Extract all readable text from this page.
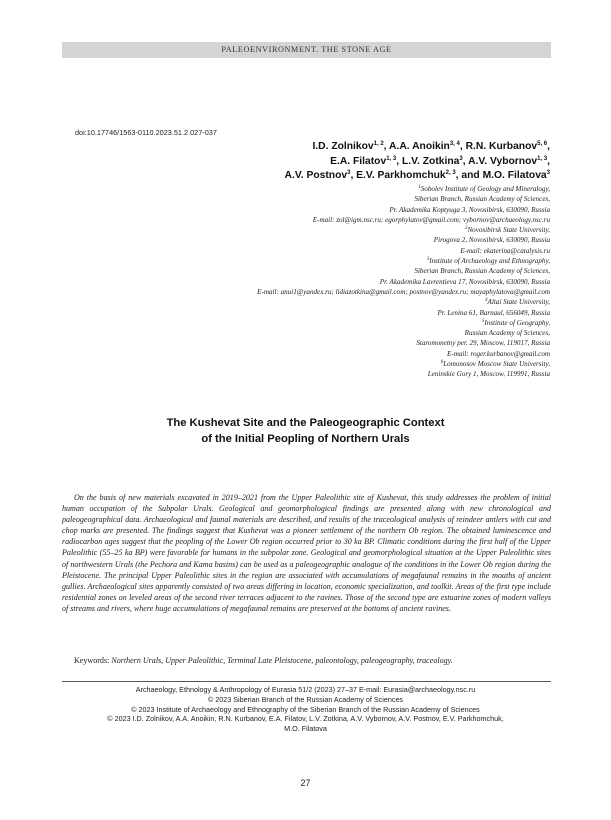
PALEOENVIRONMENT. THE STONE AGE
doi:10.17746/1563-0110.2023.51.2.027-037
I.D. Zolnikov$^{1, 2}$, A.A. Anoikin$^{3, 4}$, R.N. Kurbanov$^{5, 6}$,
E.A. Filatov$^{1, 3}$, L.V. Zotkina$^3$, A.V. Vybornov$^{1, 3}$,
A.V. Postnov$^3$, E.V. Parkhomchuk$^{2, 3}$, and M.O. Filatova$^3$
$^1$Sobolev Institute of Geology and Mineralogy,
Siberian Branch, Russian Academy of Sciences,
Pr. Akademika Koptyuga 3, Novosibirsk, 630090, Russia
E-mail: zol@igm.nsc.ru; egorphylatov@gmail.com; vybornov@archaeology.nsc.ru
$^2$Novosibirsk State University,
Pirogova 2, Novosibirsk, 630090, Russia
E-mail: ekaterina@catalysis.ru
$^3$Institute of Archaeology and Ethnography,
Siberian Branch, Russian Academy of Sciences,
Pr. Akademika Lavrentieva 17, Novosibirsk, 630090, Russia
E-mail: anui1@yandex.ru; lidiazotkina@gmail.com; postnov@yandex.ru; mayaphylatova@gmail.com
$^4$Altai State University,
Pr. Lenina 61, Barnaul, 656049, Russia
$^5$Institute of Geography,
Russian Academy of Sciences,
Staromonetny per. 29, Moscow, 119017, Russia
E-mail: roger.kurbanov@gmail.com
$^6$Lomonosov Moscow State University,
Leninskie Gory 1, Moscow, 119991, Russia
The Kushevat Site and the Paleogeographic Context
of the Initial Peopling of Northern Urals

On the basis of new materials excavated in 2019–2021 from the Upper Paleolithic site of Kushevat, this study addresses the problem of initial human occupation of the Subpolar Urals. Geological and geomorphological findings are presented along with new chronological and paleogeographical data. Archaeological and faunal materials are described, and results of the traceological analysis of reindeer antlers with cut and chop marks are presented. The findings suggest that Kushevat was a pioneer settlement of the northern Ob region. The obtained luminescence and radiocarbon ages suggest that the peopling of the Lower Ob region occurred prior to 30 ka BP. Climatic conditions during the first half of the Upper Paleolithic (55–25 ka BP) were favorable for humans in the subpolar zone. Geological and geomorphological situation at the Upper Paleolithic sites of northwestern Urals (the Pechora and Kama basins) can be used as a paleogeographic analogue of the conditions in the Lower Ob region during the Pleistocene. The principal Upper Paleolithic sites in the region are associated with accumulations of megafaunal remains in the mouths of ancient gullies. Archaeological sites apparently consisted of two areas differing in location, economic specialization, and toolkit. Areas of the first type include residential zones on leveled areas of the second river terraces adjacent to the ravines. Those of the second type are estuarine zones of modern valleys of streams and rivers, where huge accumulations of megafaunal remains are preserved at the bottoms of ancient ravines.

Keywords: Northern Urals, Upper Paleolithic, Terminal Late Pleistocene, paleontology, paleogeography, traceology.
Archaeology, Ethnology & Anthropology of Eurasia 51/2 (2023) 27–37 E-mail: Eurasia@archaeology.nsc.ru
© 2023 Siberian Branch of the Russian Academy of Sciences
© 2023 Institute of Archaeology and Ethnography of the Siberian Branch of the Russian Academy of Sciences
© 2023 I.D. Zolnikov, A.A. Anoikin, R.N. Kurbanov, E.A. Filatov, L.V. Zotkina, A.V. Vybornov, A.V. Postnov, E.V. Parkhomchuk,
M.O. Filatova
27
